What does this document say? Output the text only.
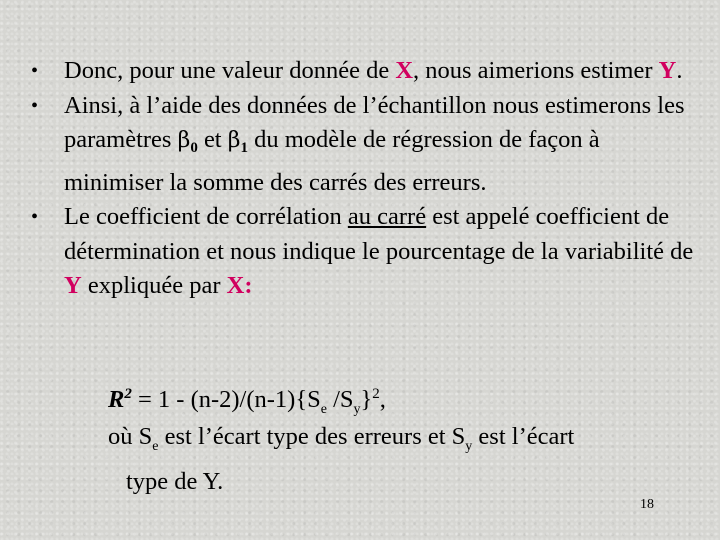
• Donc, pour une valeur donnée de X, nous aimerions estimer Y.
• Ainsi, à l’aide des données de l’échantillon nous estimerons les paramètres $\beta_0$ et $\beta_1$ du modèle de régression de façon à minimiser la somme des carrés des erreurs.
• Le coefficient de corrélation au carré est appelé coefficient de détermination et nous indique le pourcentage de la variabilité de Y expliquée par X:
$R^2 = 1 - (n-2)/(n-1)\{S_e$ $/S_y\}^2$,
où $S_e$ est l’écart type des erreurs et $S_y$ est l’écart
type de Y.
18
